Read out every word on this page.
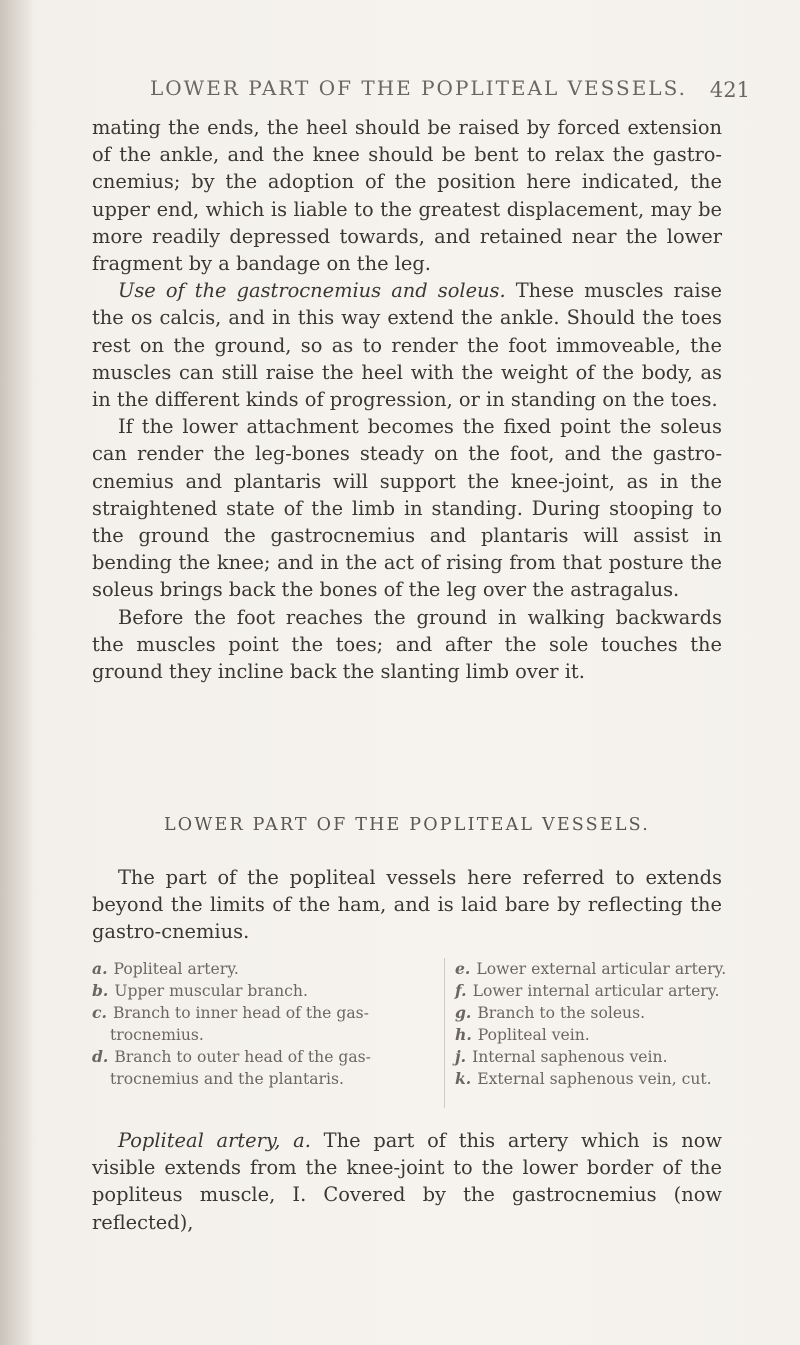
LOWER PART OF THE POPLITEAL VESSELS. 421

mating the ends, the heel should be raised by forced extension of the ankle, and the knee should be bent to relax the gastro-cnemius; by the adoption of the position here indicated, the upper end, which is liable to the greatest displacement, may be more readily depressed towards, and retained near the lower fragment by a bandage on the leg.

Use of the gastrocnemius and soleus. These muscles raise the os calcis, and in this way extend the ankle. Should the toes rest on the ground, so as to render the foot immoveable, the muscles can still raise the heel with the weight of the body, as in the different kinds of progression, or in standing on the toes.

If the lower attachment becomes the fixed point the soleus can render the leg-bones steady on the foot, and the gastro-cnemius and plantaris will support the knee-joint, as in the straightened state of the limb in standing. During stooping to the ground the gastrocnemius and plantaris will assist in bending the knee; and in the act of rising from that posture the soleus brings back the bones of the leg over the astragalus.

Before the foot reaches the ground in walking backwards the muscles point the toes; and after the sole touches the ground they incline back the slanting limb over it.

LOWER PART OF THE POPLITEAL VESSELS.

The part of the popliteal vessels here referred to extends beyond the limits of the ham, and is laid bare by reflecting the gastro-cnemius.

a. Popliteal artery.

b. Upper muscular branch.

c. Branch to inner head of the gas-trocnemius.

d. Branch to outer head of the gas-trocnemius and the plantaris.

e. Lower external articular artery.

f. Lower internal articular artery.

g. Branch to the soleus.

h. Popliteal vein.

j. Internal saphenous vein.

k. External saphenous vein, cut.

Popliteal artery, a. The part of this artery which is now visible extends from the knee-joint to the lower border of the popliteus muscle, I. Covered by the gastrocnemius (now reflected),
